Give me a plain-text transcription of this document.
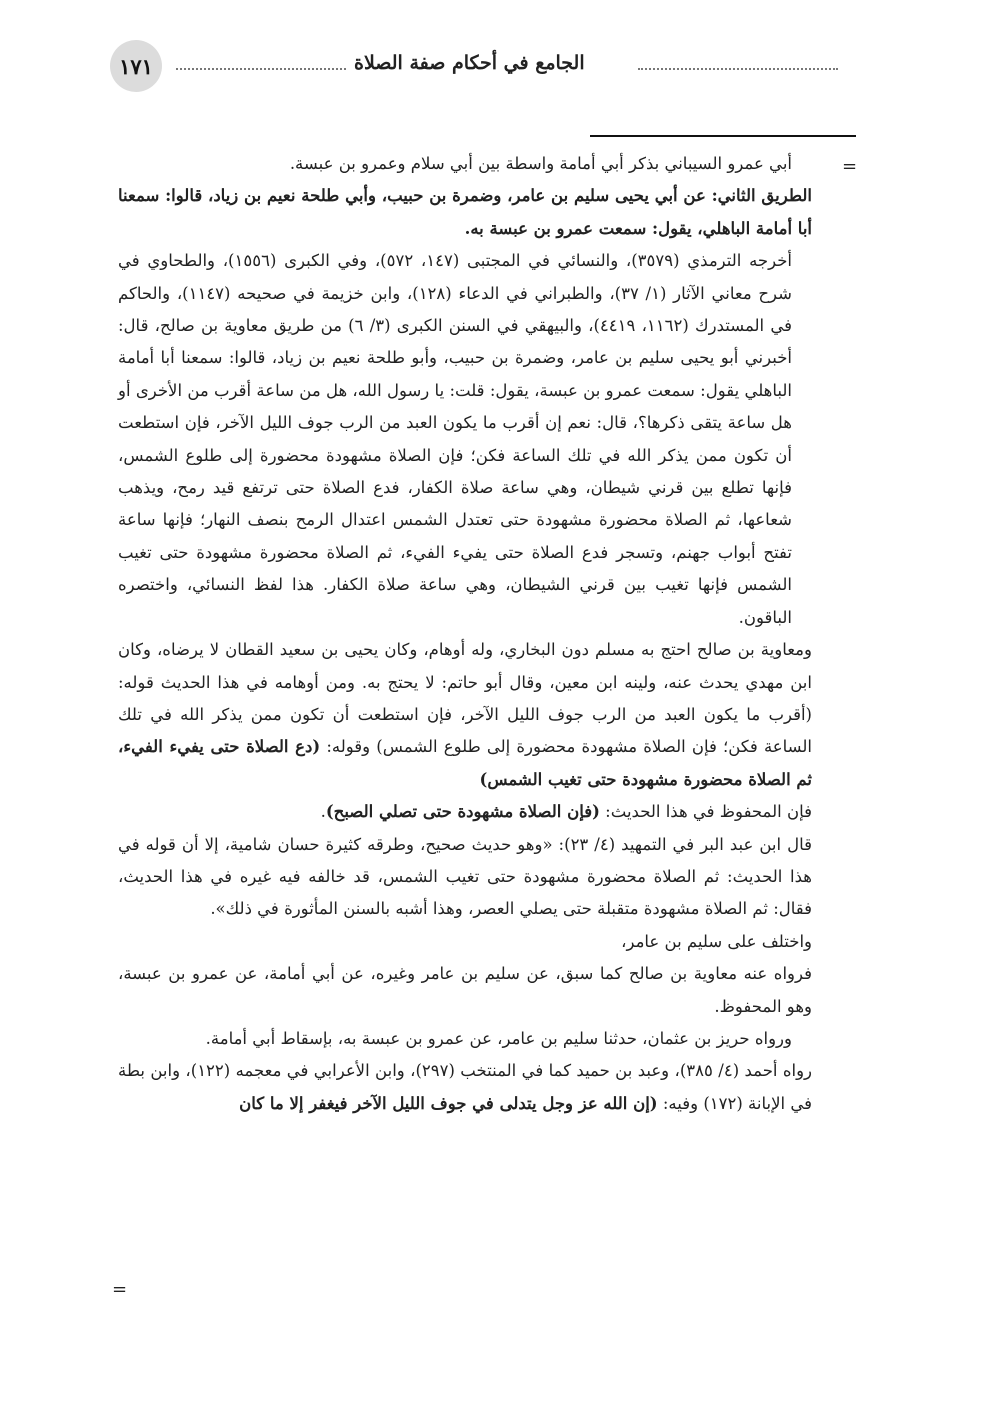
١٧١	الجامع في أحكام صفة الصلاة
=

أبي عمرو السيباني بذكر أبي أمامة واسطة بين أبي سلام وعمرو بن عبسة.

الطريق الثاني: عن أبي يحيى سليم بن عامر، وضمرة بن حبيب، وأبي طلحة نعيم بن زياد، قالوا: سمعنا أبا أمامة الباهلي، يقول: سمعت عمرو بن عبسة به.

أخرجه الترمذي (٣٥٧٩)، والنسائي في المجتبى (١٤٧، ٥٧٢)، وفي الكبرى (١٥٥٦)، والطحاوي في شرح معاني الآثار (١/ ٣٧)، والطبراني في الدعاء (١٢٨)، وابن خزيمة في صحيحه (١١٤٧)، والحاكم في المستدرك (١١٦٢، ٤٤١٩)، والبيهقي في السنن الكبرى (٣/ ٦) من طريق معاوية بن صالح، قال: أخبرني أبو يحيى سليم بن عامر، وضمرة بن حبيب، وأبو طلحة نعيم بن زياد، قالوا: سمعنا أبا أمامة الباهلي يقول: سمعت عمرو بن عبسة، يقول: قلت: يا رسول الله، هل من ساعة أقرب من الأخرى أو هل ساعة يتقى ذكرها؟، قال: نعم إن أقرب ما يكون العبد من الرب جوف الليل الآخر، فإن استطعت أن تكون ممن يذكر الله في تلك الساعة فكن؛ فإن الصلاة مشهودة محضورة إلى طلوع الشمس، فإنها تطلع بين قرني شيطان، وهي ساعة صلاة الكفار، فدع الصلاة حتى ترتفع قيد رمح، ويذهب شعاعها، ثم الصلاة محضورة مشهودة حتى تعتدل الشمس اعتدال الرمح بنصف النهار؛ فإنها ساعة تفتح أبواب جهنم، وتسجر فدع الصلاة حتى يفيء الفيء، ثم الصلاة محضورة مشهودة حتى تغيب الشمس فإنها تغيب بين قرني الشيطان، وهي ساعة صلاة الكفار. هذا لفظ النسائي، واختصره الباقون.

ومعاوية بن صالح احتج به مسلم دون البخاري، وله أوهام، وكان يحيى بن سعيد القطان لا يرضاه، وكان ابن مهدي يحدث عنه، ولينه ابن معين، وقال أبو حاتم: لا يحتج به. ومن أوهامه في هذا الحديث قوله: (أقرب ما يكون العبد من الرب جوف الليل الآخر، فإن استطعت أن تكون ممن يذكر الله في تلك الساعة فكن؛ فإن الصلاة مشهودة محضورة إلى طلوع الشمس) وقوله: (دع الصلاة حتى يفيء الفيء، ثم الصلاة محضورة مشهودة حتى تغيب الشمس)

فإن المحفوظ في هذا الحديث: (فإن الصلاة مشهودة حتى تصلي الصبح).

قال ابن عبد البر في التمهيد (٤/ ٢٣): «وهو حديث صحيح، وطرقه كثيرة حسان شامية، إلا أن قوله في هذا الحديث: ثم الصلاة محضورة مشهودة حتى تغيب الشمس، قد خالفه فيه غيره في هذا الحديث، فقال: ثم الصلاة مشهودة متقبلة حتى يصلي العصر، وهذا أشبه بالسنن المأثورة في ذلك».

واختلف على سليم بن عامر،

فرواه عنه معاوية بن صالح كما سبق، عن سليم بن عامر وغيره، عن أبي أمامة، عن عمرو بن عبسة، وهو المحفوظ.

ورواه حريز بن عثمان، حدثنا سليم بن عامر، عن عمرو بن عبسة به، بإسقاط أبي أمامة.

رواه أحمد (٤/ ٣٨٥)، وعبد بن حميد كما في المنتخب (٢٩٧)، وابن الأعرابي في معجمه (١٢٢)، وابن بطة في الإبانة (١٧٢) وفيه: (إن الله عز وجل يتدلى في جوف الليل الآخر فيغفر إلا ما كان

=
